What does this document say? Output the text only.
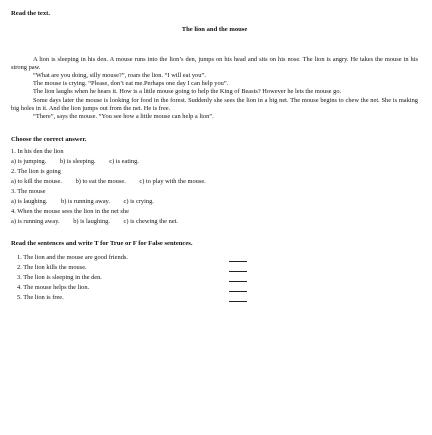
Read the text.
The lion and the mouse

A lion is sleeping in his den. A mouse runs into the lion’s den, jumps on his head and sits on his nose. The lion is angry. He takes the mouse in his strong paw.

“What are you doing, silly mouse?”, roars the lion. “I will eat you”.

The mouse is crying. “Please, don’t eat me.Perhaps one day I can help you”.

The lion laughs when he hears it. How is a little mouse going to help the King of Beasts? However he lets the mouse go.

Some days later the mouse is looking for food in the forest. Suddenly she sees the lion in a big net. The mouse begins to chew the net. She is making big holes in it. And the lion jumps out from the net. He is free.

“There”, says the mouse. “You see how a little mouse can help a lion”.

Choose the correct answer.
1. In his den the lion
a) is jumping. b) is sleeping. c) is eating.
2. The lion is going
a) to kill the mouse. b) to eat the mouse. c) to play with the mouse.
3. The mouse
a) is laughing. b) is running away. c) is crying.
4. When the mouse sees the lion in the net she
a) is running away. b) is laughing. c) is chewing the net.
Read the sentences and write T for True or F for False sentences.
1. The lion and the mouse are good friends.
2. The lion kills the mouse.
3. The lion is sleeping in the den.
4. The mouse helps the lion.
5. The lion is free.
